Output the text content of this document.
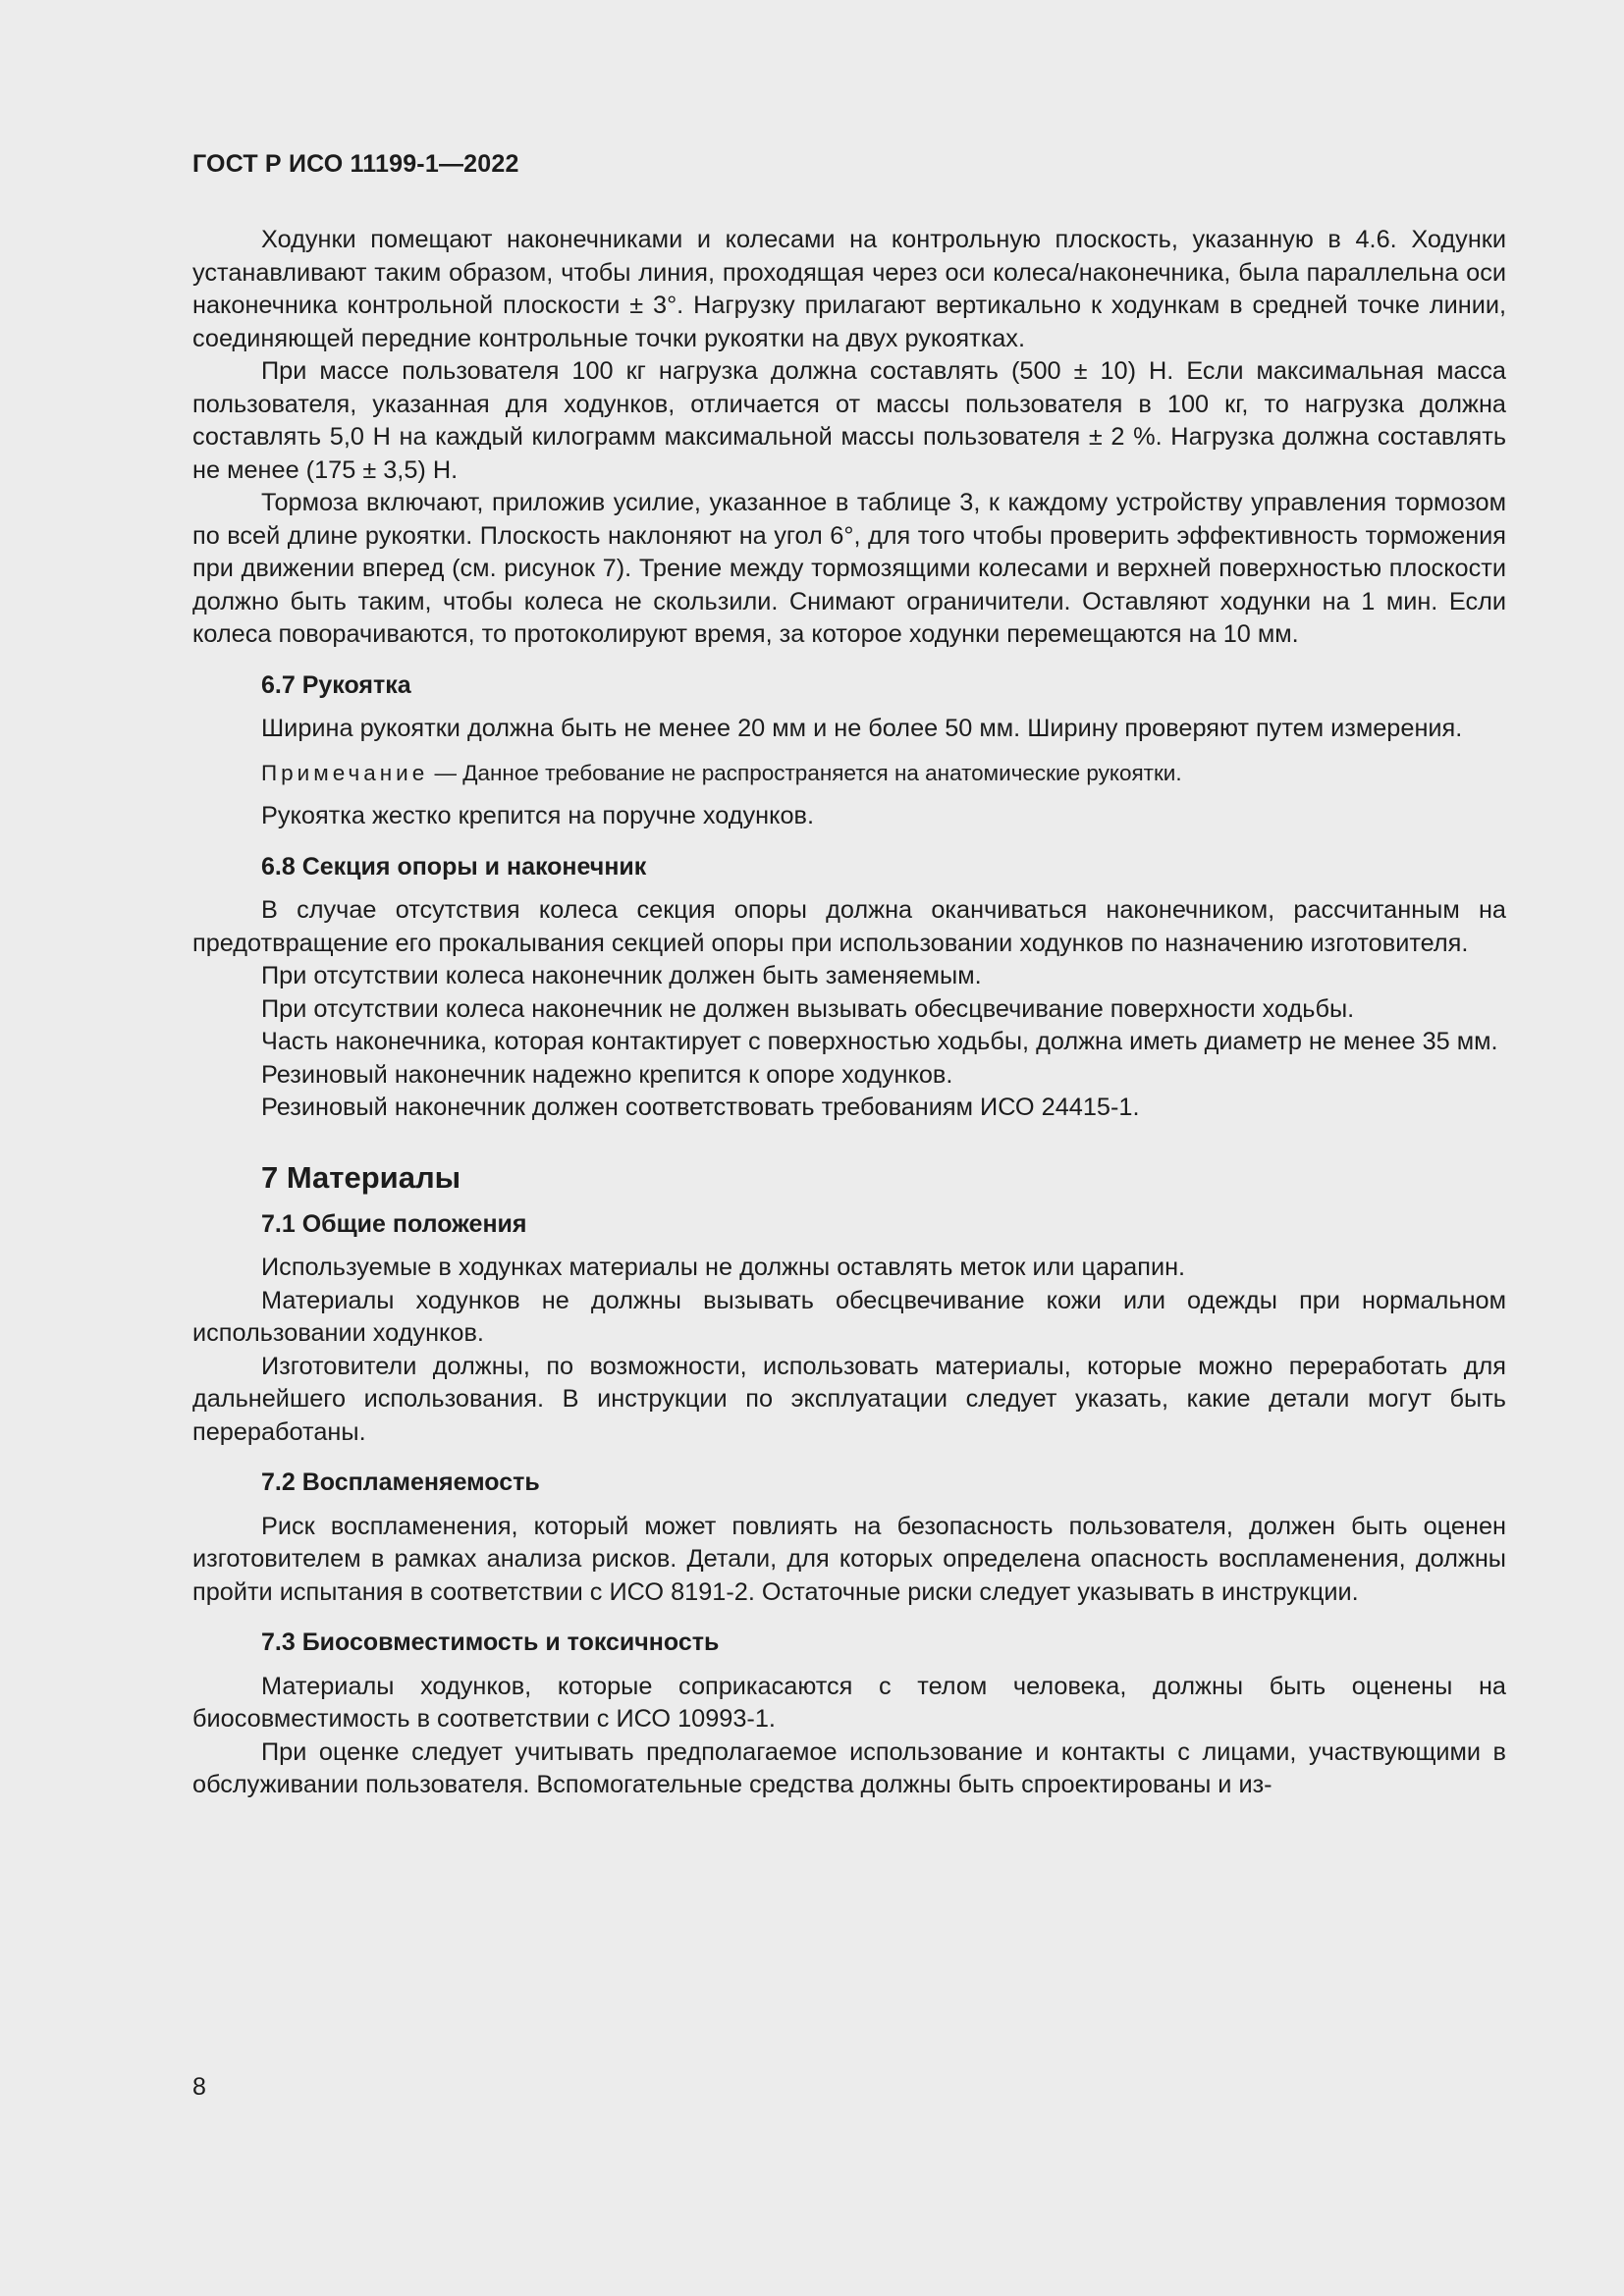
ГОСТ Р ИСО 11199-1—2022

Ходунки помещают наконечниками и колесами на контрольную плоскость, указанную в 4.6. Ходунки устанавливают таким образом, чтобы линия, проходящая через оси колеса/наконечника, была параллельна оси наконечника контрольной плоскости ± 3°. Нагрузку прилагают вертикально к ходункам в средней точке линии, соединяющей передние контрольные точки рукоятки на двух рукоятках.

При массе пользователя 100 кг нагрузка должна составлять (500 ± 10) Н. Если максимальная масса пользователя, указанная для ходунков, отличается от массы пользователя в 100 кг, то нагрузка должна составлять 5,0 Н на каждый килограмм максимальной массы пользователя ± 2 %. Нагрузка должна составлять не менее (175 ± 3,5) Н.

Тормоза включают, приложив усилие, указанное в таблице 3, к каждому устройству управления тормозом по всей длине рукоятки. Плоскость наклоняют на угол 6°, для того чтобы проверить эффективность торможения при движении вперед (см. рисунок 7). Трение между тормозящими колесами и верхней поверхностью плоскости должно быть таким, чтобы колеса не скользили. Снимают ограничители. Оставляют ходунки на 1 мин. Если колеса поворачиваются, то протоколируют время, за которое ходунки перемещаются на 10 мм.

6.7 Рукоятка

Ширина рукоятки должна быть не менее 20 мм и не более 50 мм. Ширину проверяют путем измерения.

Примечание — Данное требование не распространяется на анатомические рукоятки.

Рукоятка жестко крепится на поручне ходунков.

6.8 Секция опоры и наконечник

В случае отсутствия колеса секция опоры должна оканчиваться наконечником, рассчитанным на предотвращение его прокалывания секцией опоры при использовании ходунков по назначению изготовителя.

При отсутствии колеса наконечник должен быть заменяемым.

При отсутствии колеса наконечник не должен вызывать обесцвечивание поверхности ходьбы.

Часть наконечника, которая контактирует с поверхностью ходьбы, должна иметь диаметр не менее 35 мм.

Резиновый наконечник надежно крепится к опоре ходунков.

Резиновый наконечник должен соответствовать требованиям ИСО 24415-1.

7 Материалы
7.1 Общие положения

Используемые в ходунках материалы не должны оставлять меток или царапин.

Материалы ходунков не должны вызывать обесцвечивание кожи или одежды при нормальном использовании ходунков.

Изготовители должны, по возможности, использовать материалы, которые можно переработать для дальнейшего использования. В инструкции по эксплуатации следует указать, какие детали могут быть переработаны.

7.2 Воспламеняемость

Риск воспламенения, который может повлиять на безопасность пользователя, должен быть оценен изготовителем в рамках анализа рисков. Детали, для которых определена опасность воспламенения, должны пройти испытания в соответствии с ИСО 8191-2. Остаточные риски следует указывать в инструкции.

7.3 Биосовместимость и токсичность

Материалы ходунков, которые соприкасаются с телом человека, должны быть оценены на биосовместимость в соответствии с ИСО 10993-1.

При оценке следует учитывать предполагаемое использование и контакты с лицами, участвующими в обслуживании пользователя. Вспомогательные средства должны быть спроектированы и из-

8
